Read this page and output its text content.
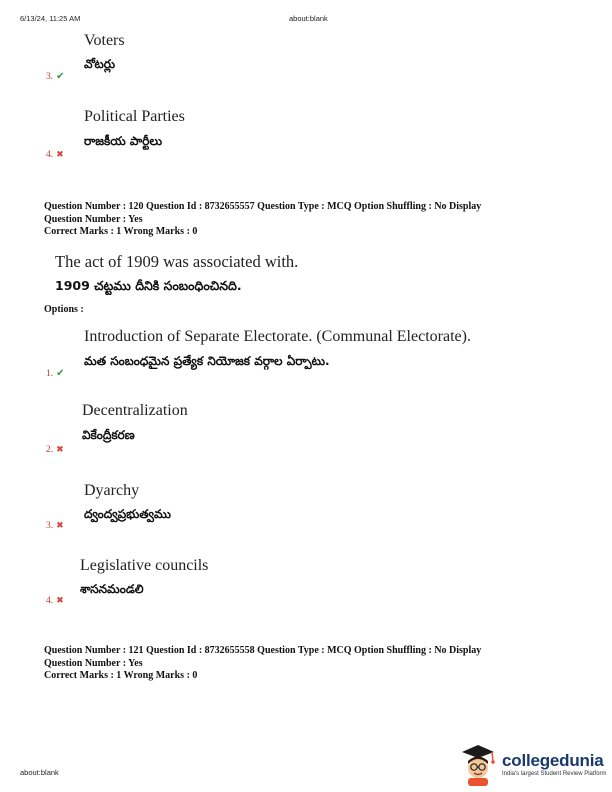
6/13/24, 11:25 AM	about:blank
Voters
వోటర్లు
3. ✔
Political Parties
రాజకీయ పార్టీలు
4. ✖
Question Number : 120 Question Id : 8732655557 Question Type : MCQ Option Shuffling : No Display
Question Number : Yes
Correct Marks : 1 Wrong Marks : 0
The act of 1909 was associated with.
1909 చట్టము దీనికి సంబంధించినది.
Options :
Introduction of Separate Electorate. (Communal Electorate).
మత సంబంధమైన ప్రత్యేక నియోజక వర్గాల ఏర్పాటు.
1. ✔
Decentralization
వికేంద్రీకరణ
2. ✖
Dyarchy
ద్వంద్వప్రభుత్వము
3. ✖
Legislative councils
శాసనమండలి
4. ✖
Question Number : 121 Question Id : 8732655558 Question Type : MCQ Option Shuffling : No Display
Question Number : Yes
Correct Marks : 1 Wrong Marks : 0
about:blank
collegedunia
India's largest Student Review Platform
